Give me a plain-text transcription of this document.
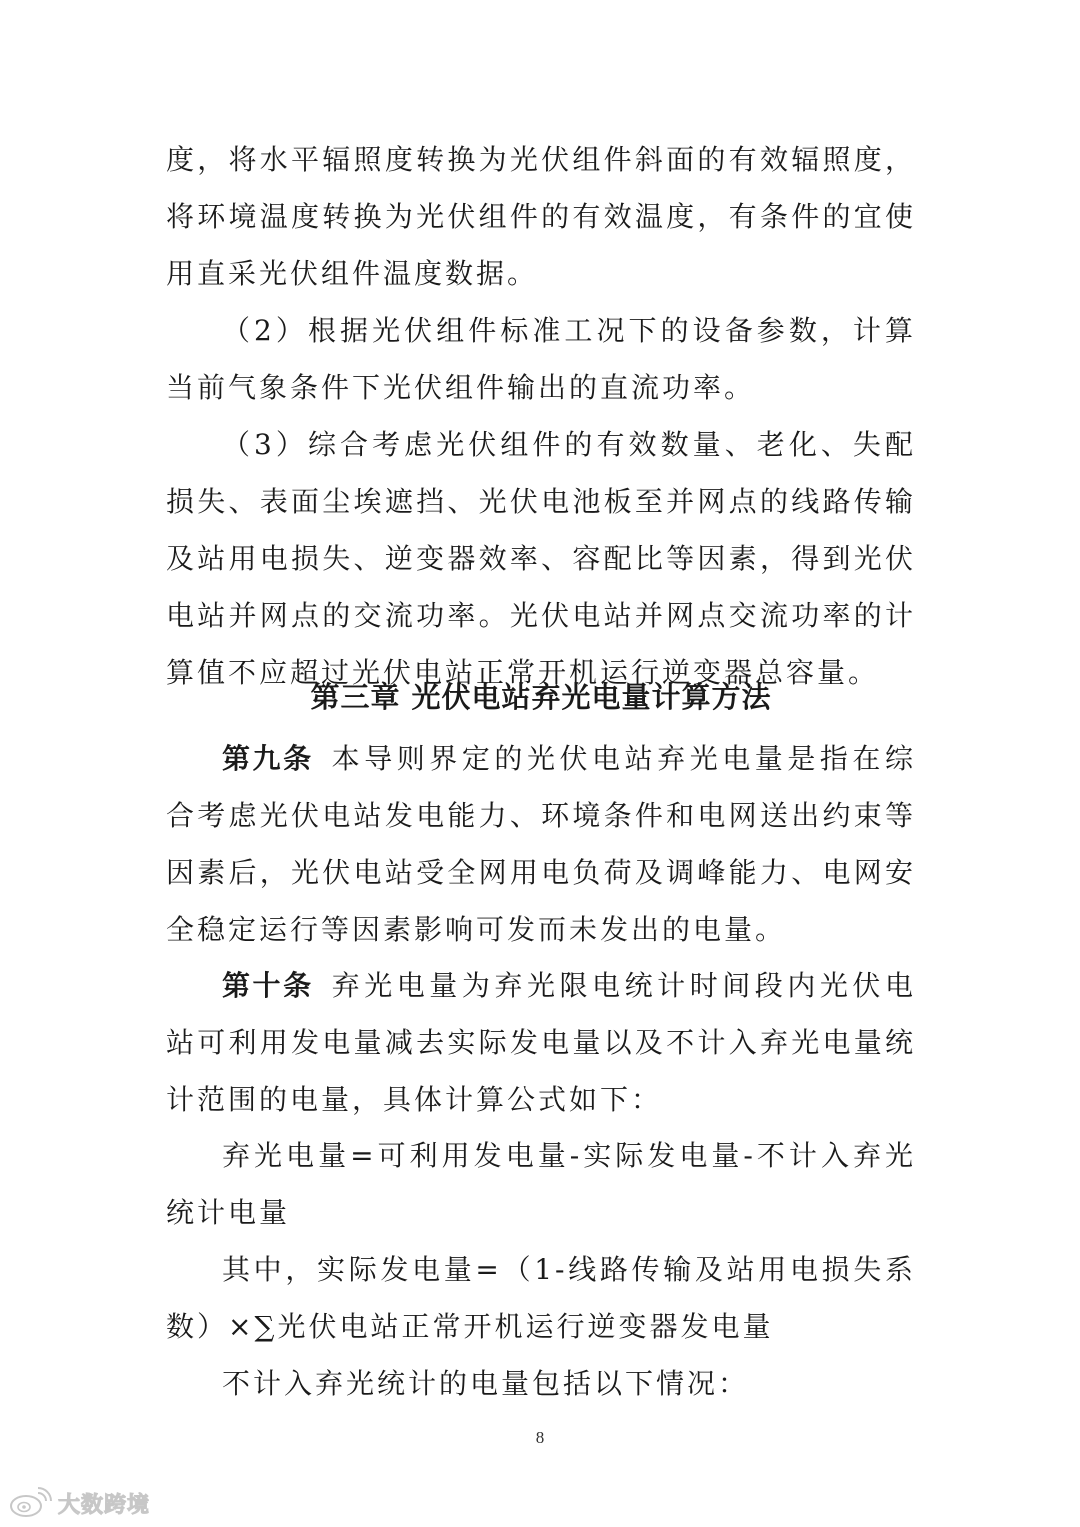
度，将水平辐照度转换为光伏组件斜面的有效辐照度，将环境温度转换为光伏组件的有效温度，有条件的宜使用直采光伏组件温度数据。

（2）根据光伏组件标准工况下的设备参数，计算当前气象条件下光伏组件输出的直流功率。

（3）综合考虑光伏组件的有效数量、老化、失配损失、表面尘埃遮挡、光伏电池板至并网点的线路传输及站用电损失、逆变器效率、容配比等因素，得到光伏电站并网点的交流功率。光伏电站并网点交流功率的计算值不应超过光伏电站正常开机运行逆变器总容量。

第三章 光伏电站弃光电量计算方法

第九条 本导则界定的光伏电站弃光电量是指在综合考虑光伏电站发电能力、环境条件和电网送出约束等因素后，光伏电站受全网用电负荷及调峰能力、电网安全稳定运行等因素影响可发而未发出的电量。

第十条 弃光电量为弃光限电统计时间段内光伏电站可利用发电量减去实际发电量以及不计入弃光电量统计范围的电量，具体计算公式如下：

弃光电量=可利用发电量-实际发电量-不计入弃光统计电量

其中，实际发电量=（1-线路传输及站用电损失系数）×∑光伏电站正常开机运行逆变器发电量

不计入弃光统计的电量包括以下情况：

8
大数跨境
